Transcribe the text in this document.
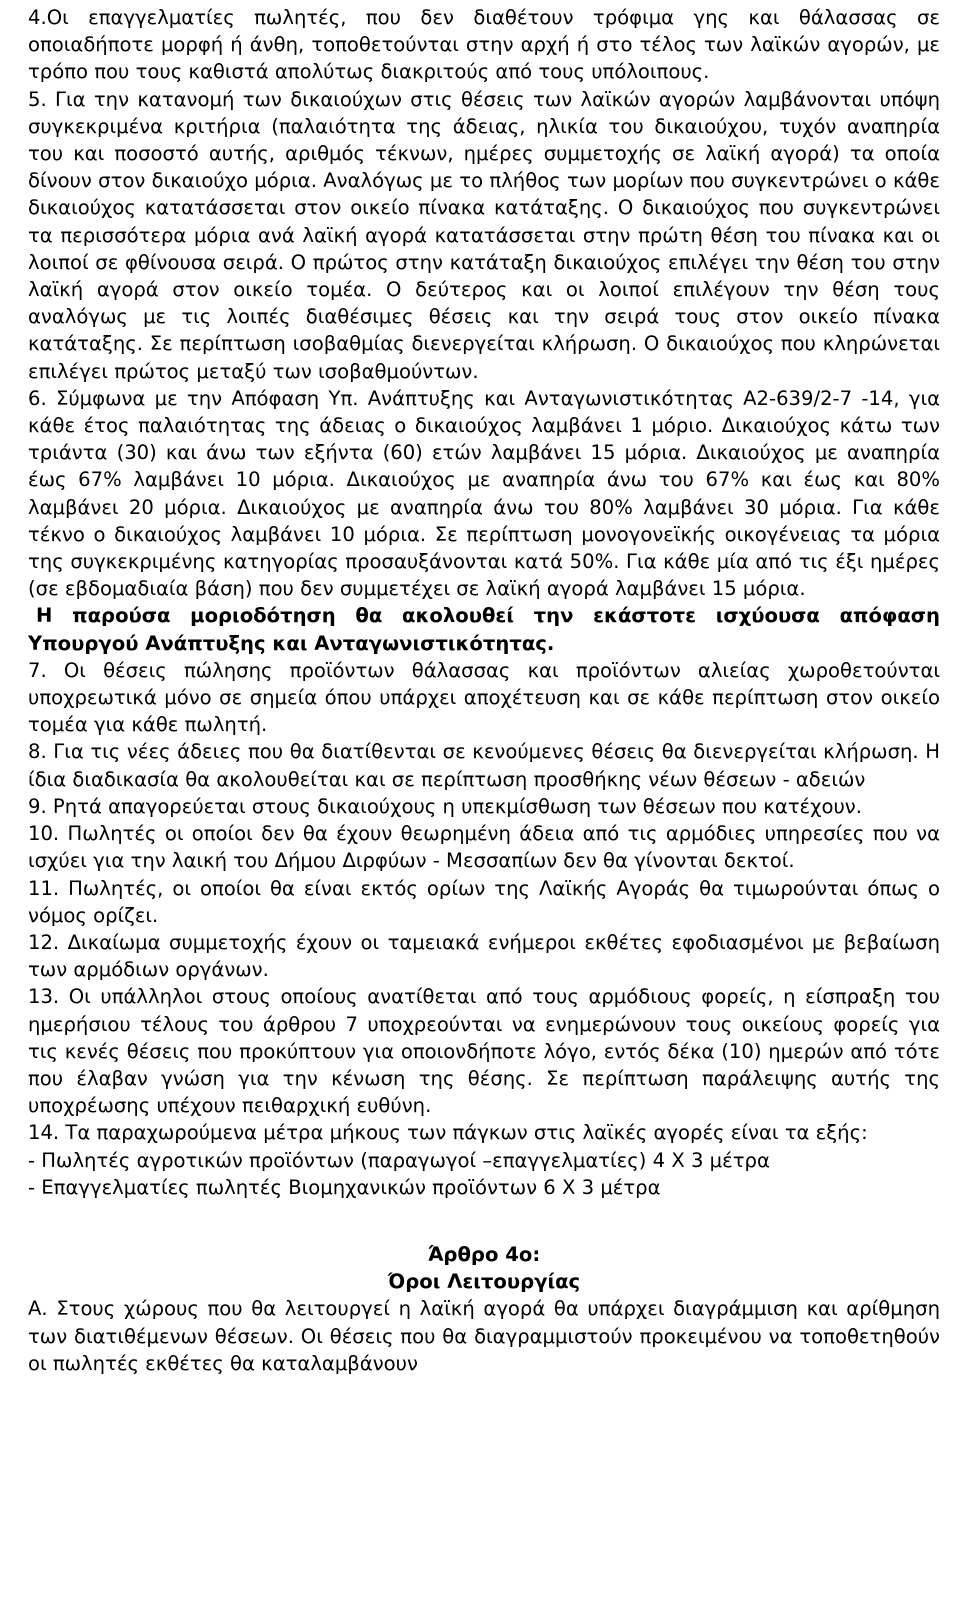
4.Οι επαγγελματίες πωλητές, που δεν διαθέτουν τρόφιμα γης και θάλασσας σε οποιαδήποτε μορφή ή άνθη, τοποθετούνται στην αρχή ή στο τέλος των λαϊκών αγορών, με τρόπο που τους καθιστά απολύτως διακριτούς από τους υπόλοιπους.

5. Για την κατανομή των δικαιούχων στις θέσεις των λαϊκών αγορών λαμβάνονται υπόψη συγκεκριμένα κριτήρια (παλαιότητα της άδειας, ηλικία του δικαιούχου, τυχόν αναπηρία του και ποσοστό αυτής, αριθμός τέκνων, ημέρες συμμετοχής σε λαϊκή αγορά) τα οποία δίνουν στον δικαιούχο μόρια. Αναλόγως με το πλήθος των μορίων που συγκεντρώνει ο κάθε δικαιούχος κατατάσσεται στον οικείο πίνακα κατάταξης. Ο δικαιούχος που συγκεντρώνει τα περισσότερα μόρια ανά λαϊκή αγορά κατατάσσεται στην πρώτη θέση του πίνακα και οι λοιποί σε φθίνουσα σειρά. Ο πρώτος στην κατάταξη δικαιούχος επιλέγει την θέση του στην λαϊκή αγορά στον οικείο τομέα. Ο δεύτερος και οι λοιποί επιλέγουν την θέση τους αναλόγως με τις λοιπές διαθέσιμες θέσεις και την σειρά τους στον οικείο πίνακα κατάταξης. Σε περίπτωση ισοβαθμίας διενεργείται κλήρωση. Ο δικαιούχος που κληρώνεται επιλέγει πρώτος μεταξύ των ισοβαθμούντων.

6. Σύμφωνα με την Απόφαση Υπ. Ανάπτυξης και Ανταγωνιστικότητας Α2-639/2-7 -14, για κάθε έτος παλαιότητας της άδειας ο δικαιούχος λαμβάνει 1 μόριο. Δικαιούχος κάτω των τριάντα (30) και άνω των εξήντα (60) ετών λαμβάνει 15 μόρια. Δικαιούχος με αναπηρία έως 67% λαμβάνει 10 μόρια. Δικαιούχος με αναπηρία άνω του 67% και έως και 80% λαμβάνει 20 μόρια. Δικαιούχος με αναπηρία άνω του 80% λαμβάνει 30 μόρια. Για κάθε τέκνο ο δικαιούχος λαμβάνει 10 μόρια. Σε περίπτωση μονογονεϊκής οικογένειας τα μόρια της συγκεκριμένης κατηγορίας προσαυξάνονται κατά 50%. Για κάθε μία από τις έξι ημέρες (σε εβδομαδιαία βάση) που δεν συμμετέχει σε λαϊκή αγορά λαμβάνει 15 μόρια.

Η παρούσα μοριοδότηση θα ακολουθεί την εκάστοτε ισχύουσα απόφαση Υπουργού Ανάπτυξης και Ανταγωνιστικότητας.

7. Οι θέσεις πώλησης προϊόντων θάλασσας και προϊόντων αλιείας χωροθετούνται υποχρεωτικά μόνο σε σημεία όπου υπάρχει αποχέτευση και σε κάθε περίπτωση στον οικείο τομέα για κάθε πωλητή.

8. Για τις νέες άδειες που θα διατίθενται σε κενούμενες θέσεις θα διενεργείται κλήρωση. Η ίδια διαδικασία θα ακολουθείται και σε περίπτωση προσθήκης νέων θέσεων - αδειών

9. Ρητά απαγορεύεται στους δικαιούχους η υπεκμίσθωση των θέσεων που κατέχουν.

10. Πωλητές οι οποίοι δεν θα έχουν θεωρημένη άδεια από τις αρμόδιες υπηρεσίες που να ισχύει για την λαική του Δήμου Διρφύων - Μεσσαπίων δεν θα γίνονται δεκτοί.

11. Πωλητές, οι οποίοι θα είναι εκτός ορίων της Λαϊκής Αγοράς θα τιμωρούνται όπως ο νόμος ορίζει.

12. Δικαίωμα συμμετοχής έχουν οι ταμειακά ενήμεροι εκθέτες εφοδιασμένοι με βεβαίωση των αρμόδιων οργάνων.

13. Οι υπάλληλοι στους οποίους ανατίθεται από τους αρμόδιους φορείς, η είσπραξη του ημερήσιου τέλους του άρθρου 7 υποχρεούνται να ενημερώνουν τους οικείους φορείς για τις κενές θέσεις που προκύπτουν για οποιονδήποτε λόγο, εντός δέκα (10) ημερών από τότε που έλαβαν γνώση για την κένωση της θέσης. Σε περίπτωση παράλειψης αυτής της υποχρέωσης υπέχουν πειθαρχική ευθύνη.

14. Τα παραχωρούμενα μέτρα μήκους των πάγκων στις λαϊκές αγορές είναι τα εξής:

- Πωλητές αγροτικών προϊόντων (παραγωγοί –επαγγελματίες) 4 Χ 3 μέτρα

- Επαγγελματίες πωλητές Βιομηχανικών προϊόντων 6 Χ 3 μέτρα

Άρθρο 4ο:

Όροι Λειτουργίας

Α. Στους χώρους που θα λειτουργεί η λαϊκή αγορά θα υπάρχει διαγράμμιση και αρίθμηση των διατιθέμενων θέσεων. Οι θέσεις που θα διαγραμμιστούν προκειμένου να τοποθετηθούν οι πωλητές εκθέτες θα καταλαμβάνουν
